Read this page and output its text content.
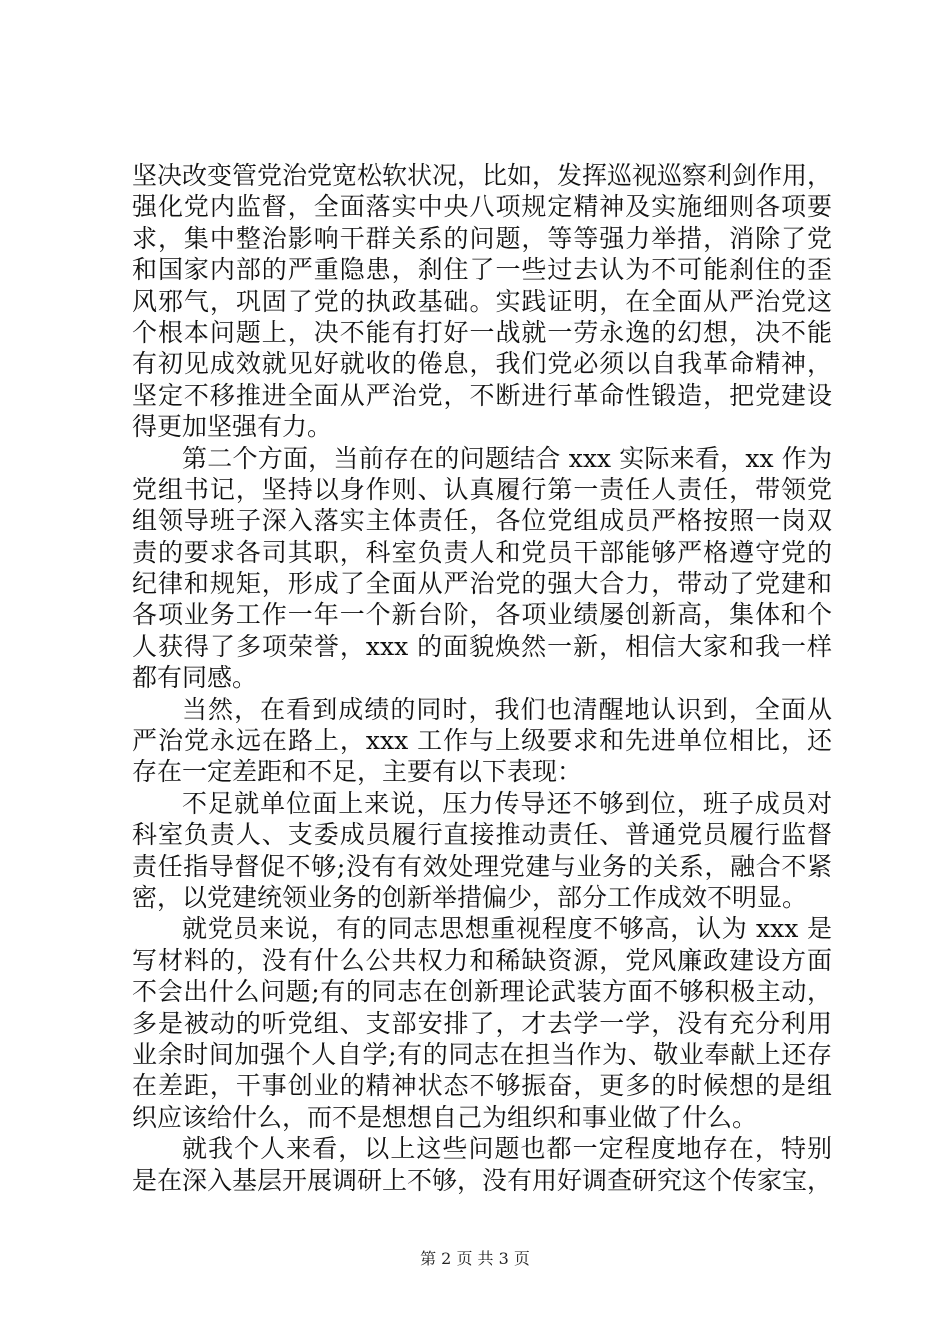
坚决改变管党治党宽松软状况，比如，发挥巡视巡察利剑作用，
强化党内监督，全面落实中央八项规定精神及实施细则各项要
求，集中整治影响干群关系的问题，等等强力举措，消除了党
和国家内部的严重隐患，刹住了一些过去认为不可能刹住的歪
风邪气，巩固了党的执政基础。实践证明，在全面从严治党这
个根本问题上，决不能有打好一战就一劳永逸的幻想，决不能
有初见成效就见好就收的倦息，我们党必须以自我革命精神，
坚定不移推进全面从严治党，不断进行革命性锻造，把党建设
得更加坚强有力。
第二个方面，当前存在的问题结合 xxx 实际来看，xx 作为
党组书记，坚持以身作则、认真履行第一责任人责任，带领党
组领导班子深入落实主体责任，各位党组成员严格按照一岗双
责的要求各司其职，科室负责人和党员干部能够严格遵守党的
纪律和规矩，形成了全面从严治党的强大合力，带动了党建和
各项业务工作一年一个新台阶，各项业绩屡创新高，集体和个
人获得了多项荣誉，xxx 的面貌焕然一新，相信大家和我一样
都有同感。
当然，在看到成绩的同时，我们也清醒地认识到，全面从
严治党永远在路上，xxx 工作与上级要求和先进单位相比，还
存在一定差距和不足，主要有以下表现：
不足就单位面上来说，压力传导还不够到位，班子成员对
科室负责人、支委成员履行直接推动责任、普通党员履行监督
责任指导督促不够;没有有效处理党建与业务的关系，融合不紧
密，以党建统领业务的创新举措偏少，部分工作成效不明显。
就党员来说，有的同志思想重视程度不够高，认为 xxx 是
写材料的，没有什么公共权力和稀缺资源，党风廉政建设方面
不会出什么问题;有的同志在创新理论武装方面不够积极主动，
多是被动的听党组、支部安排了，才去学一学，没有充分利用
业余时间加强个人自学;有的同志在担当作为、敬业奉献上还存
在差距，干事创业的精神状态不够振奋，更多的时候想的是组
织应该给什么，而不是想想自己为组织和事业做了什么。
就我个人来看，以上这些问题也都一定程度地存在，特别
是在深入基层开展调研上不够，没有用好调查研究这个传家宝，
第 2 页 共 3 页
